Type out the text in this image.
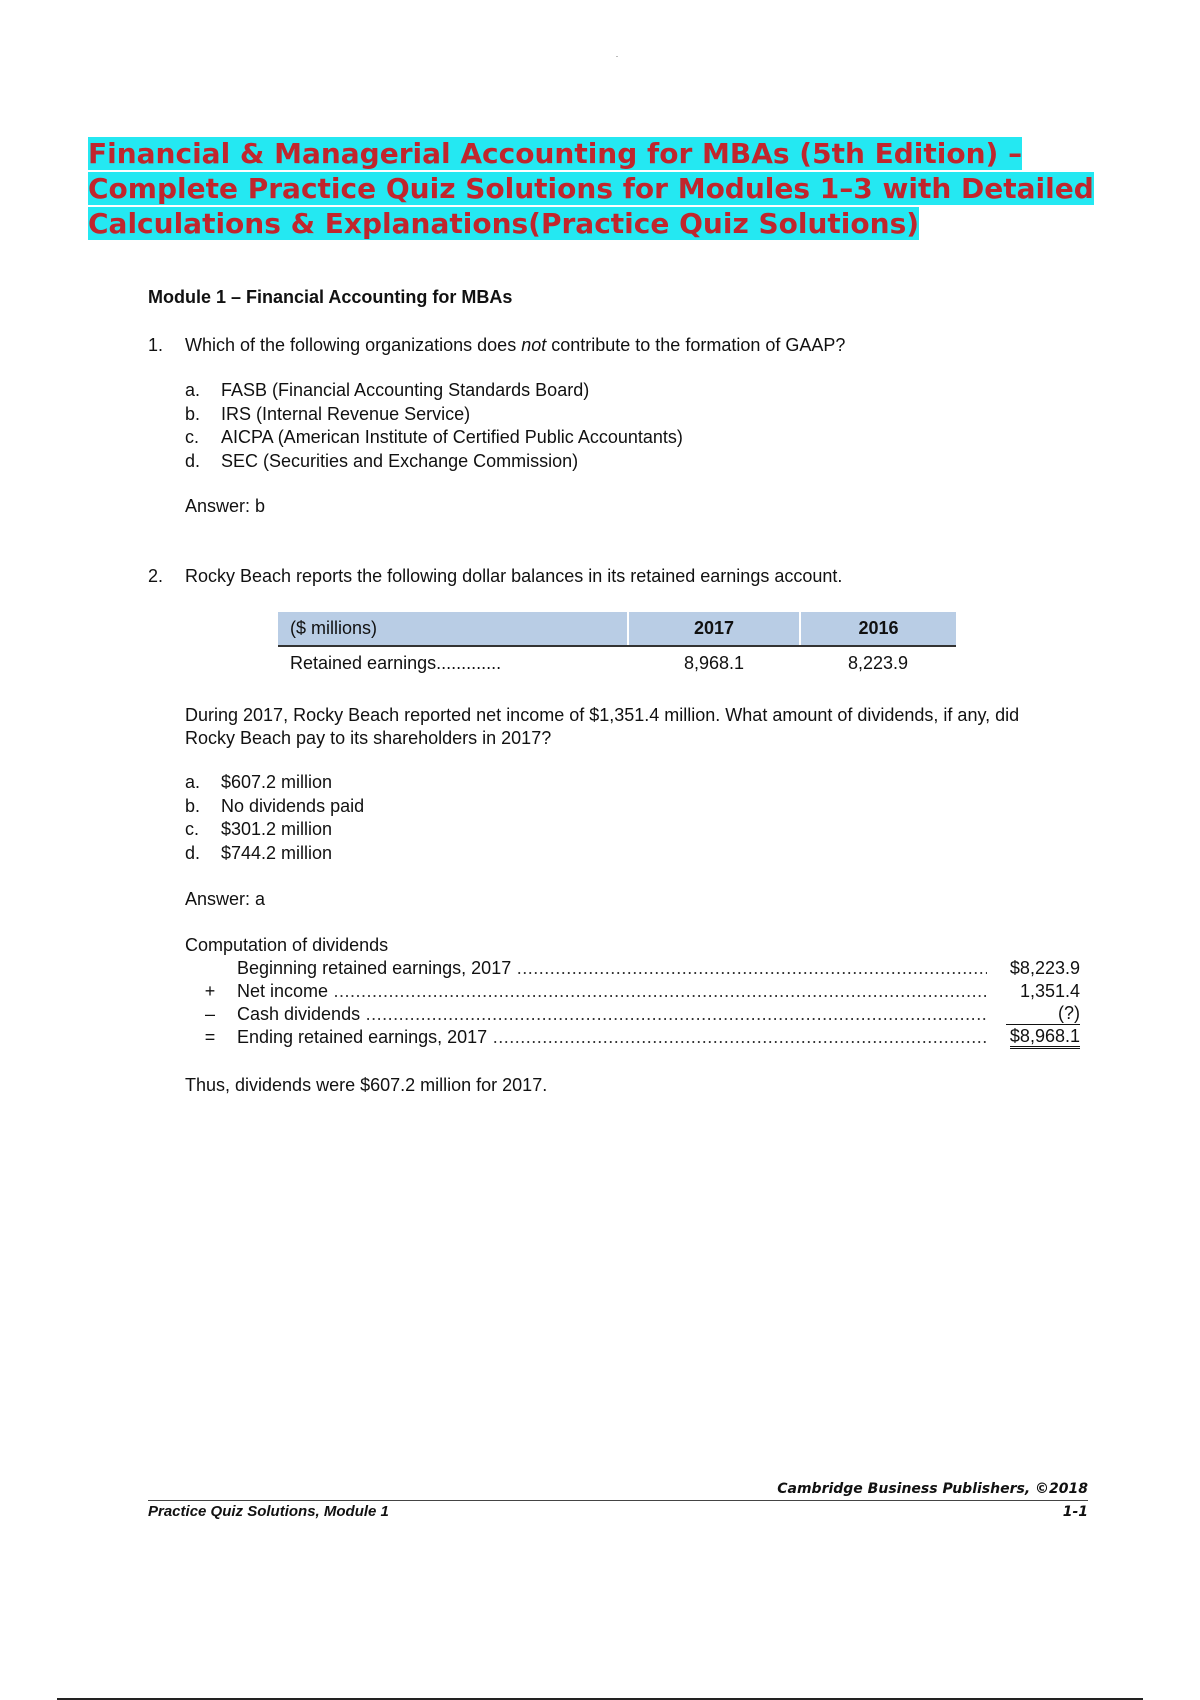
Financial & Managerial Accounting for MBAs (5th Edition) – Complete Practice Quiz Solutions for Modules 1–3 with Detailed Calculations & Explanations(Practice Quiz Solutions)
Module 1 – Financial Accounting for MBAs
1. Which of the following organizations does not contribute to the formation of GAAP?
a. FASB (Financial Accounting Standards Board)
b. IRS (Internal Revenue Service)
c. AICPA (American Institute of Certified Public Accountants)
d. SEC (Securities and Exchange Commission)
Answer: b
2. Rocky Beach reports the following dollar balances in its retained earnings account.
($ millions)	2017	2016
Retained earnings.............	8,968.1	8,223.9
During 2017, Rocky Beach reported net income of $1,351.4 million. What amount of dividends, if any, did Rocky Beach pay to its shareholders in 2017?
a. $607.2 million
b. No dividends paid
c. $301.2 million
d. $744.2 million
Answer: a
Computation of dividends
Beginning retained earnings, 2017 .....	$8,223.9
+ Net income .....	1,351.4
– Cash dividends .....	(?)
= Ending retained earnings, 2017 .....	$8,968.1
Thus, dividends were $607.2 million for 2017.
Cambridge Business Publishers, ©2018
Practice Quiz Solutions, Module 1	1-1
